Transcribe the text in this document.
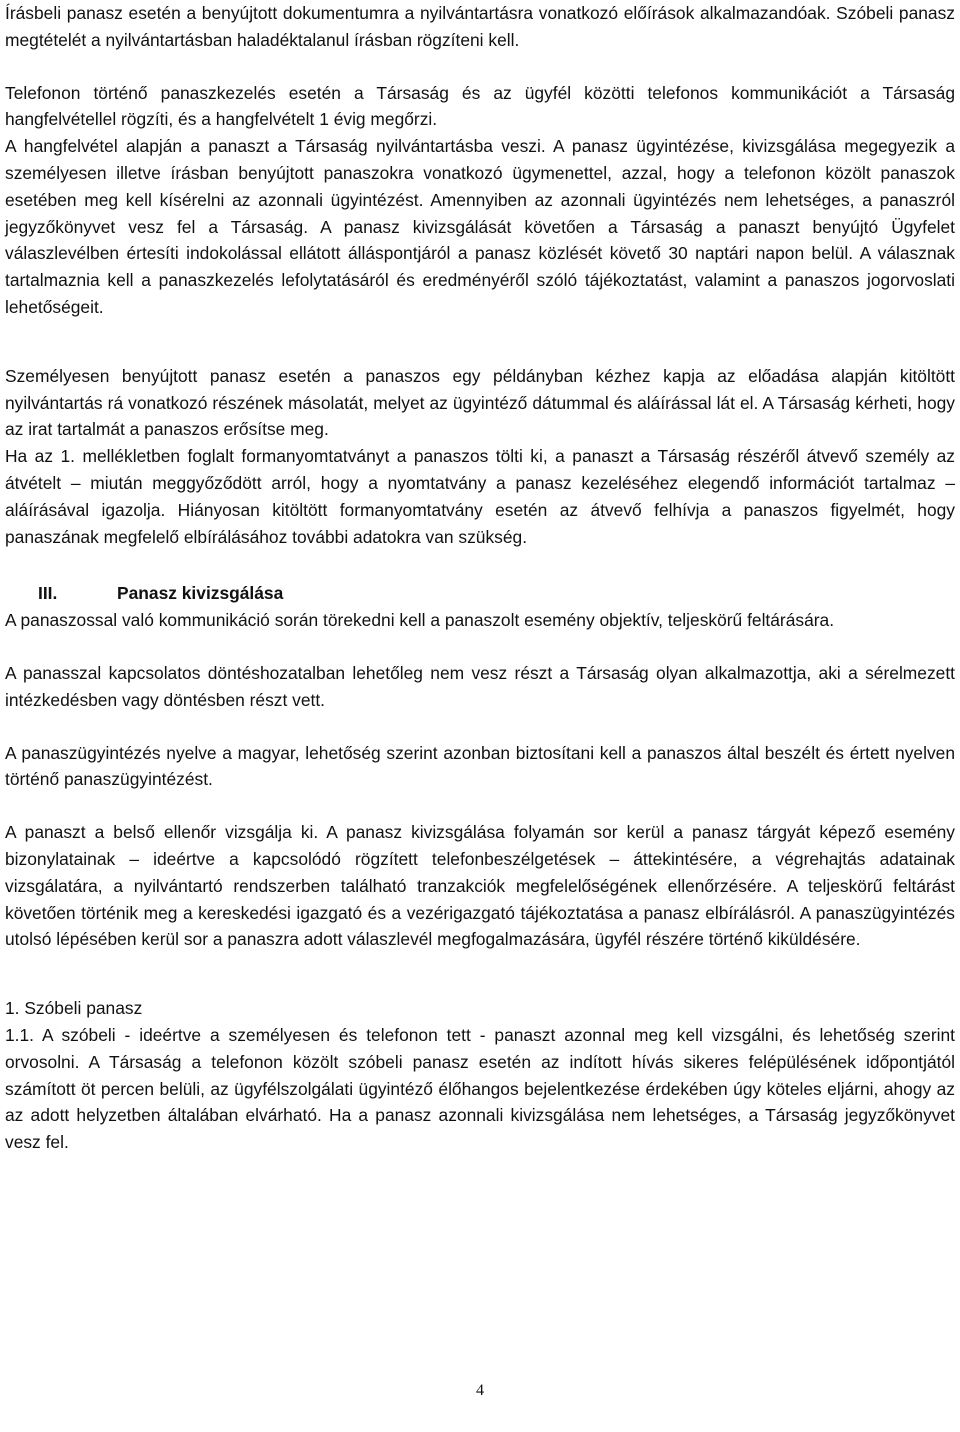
Írásbeli panasz esetén a benyújtott dokumentumra a nyilvántartásra vonatkozó előírások alkalmazandóak. Szóbeli panasz megtételét a nyilvántartásban haladéktalanul írásban rögzíteni kell.

Telefonon történő panaszkezelés esetén a Társaság és az ügyfél közötti telefonos kommunikációt a Társaság hangfelvétellel rögzíti, és a hangfelvételt 1 évig megőrzi.

A hangfelvétel alapján a panaszt a Társaság nyilvántartásba veszi. A panasz ügyintézése, kivizsgálása megegyezik a személyesen illetve írásban benyújtott panaszokra vonatkozó ügymenettel, azzal, hogy a telefonon közölt panaszok esetében meg kell kísérelni az azonnali ügyintézést. Amennyiben az azonnali ügyintézés nem lehetséges, a panaszról jegyzőkönyvet vesz fel a Társaság. A panasz kivizsgálását követően a Társaság a panaszt benyújtó Ügyfelet válaszlevélben értesíti indokolással ellátott álláspontjáról a panasz közlését követő 30 naptári napon belül. A válasznak tartalmaznia kell a panaszkezelés lefolytatásáról és eredményéről szóló tájékoztatást, valamint a panaszos jogorvoslati lehetőségeit.

Személyesen benyújtott panasz esetén a panaszos egy példányban kézhez kapja az előadása alapján kitöltött nyilvántartás rá vonatkozó részének másolatát, melyet az ügyintéző dátummal és aláírással lát el. A Társaság kérheti, hogy az irat tartalmát a panaszos erősítse meg.

Ha az 1. mellékletben foglalt formanyomtatványt a panaszos tölti ki, a panaszt a Társaság részéről átvevő személy az átvételt – miután meggyőződött arról, hogy a nyomtatvány a panasz kezeléséhez elegendő információt tartalmaz – aláírásával igazolja. Hiányosan kitöltött formanyomtatvány esetén az átvevő felhívja a panaszos figyelmét, hogy panaszának megfelelő elbírálásához további adatokra van szükség.

III.	Panasz kivizsgálása

A panaszossal való kommunikáció során törekedni kell a panaszolt esemény objektív, teljeskörű feltárására.

A panasszal kapcsolatos döntéshozatalban lehetőleg nem vesz részt a Társaság olyan alkalmazottja, aki a sérelmezett intézkedésben vagy döntésben részt vett.

A panaszügyintézés nyelve a magyar, lehetőség szerint azonban biztosítani kell a panaszos által beszélt és értett nyelven történő panaszügyintézést.

A panaszt a belső ellenőr vizsgálja ki. A panasz kivizsgálása folyamán sor kerül a panasz tárgyát képező esemény bizonylatainak – ideértve a kapcsolódó rögzített telefonbeszélgetések – áttekintésére, a végrehajtás adatainak vizsgálatára, a nyilvántartó rendszerben található tranzakciók megfelelőségének ellenőrzésére. A teljeskörű feltárást követően történik meg a kereskedési igazgató és a vezérigazgató tájékoztatása a panasz elbírálásról. A panaszügyintézés utolsó lépésében kerül sor a panaszra adott válaszlevél megfogalmazására, ügyfél részére történő kiküldésére.

1. Szóbeli panasz

1.1. A szóbeli - ideértve a személyesen és telefonon tett - panaszt azonnal meg kell vizsgálni, és lehetőség szerint orvosolni. A Társaság a telefonon közölt szóbeli panasz esetén az indított hívás sikeres felépülésének időpontjától számított öt percen belüli, az ügyfélszolgálati ügyintéző élőhangos bejelentkezése érdekében úgy köteles eljárni, ahogy az az adott helyzetben általában elvárható. Ha a panasz azonnali kivizsgálása nem lehetséges, a Társaság jegyzőkönyvet vesz fel.

4
